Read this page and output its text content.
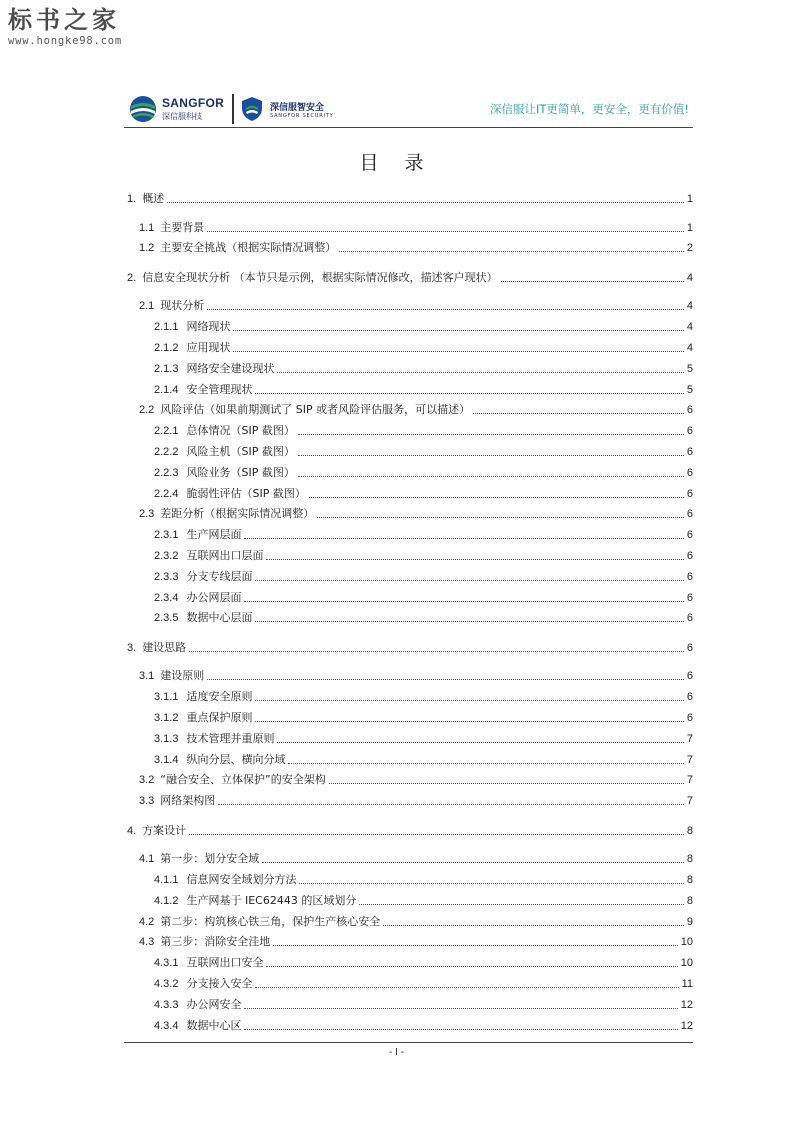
标书之家
www.hongke98.com
SANGFOR
深信服科技
深信服智安全
SANGFOR SECURITY	深信服让IT更简单，更安全，更有价值!
目 录
1. 概述	1
1.1 主要背景	1
1.2 主要安全挑战（根据实际情况调整）	2
2. 信息安全现状分析 （本节只是示例，根据实际情况修改，描述客户现状）	4
2.1 现状分析	4
2.1.1 网络现状	4
2.1.2 应用现状	4
2.1.3 网络安全建设现状	5
2.1.4 安全管理现状	5
2.2 风险评估（如果前期测试了 SIP 或者风险评估服务，可以描述）	6
2.2.1 总体情况（SIP 截图）	6
2.2.2 风险主机（SIP 截图）	6
2.2.3 风险业务（SIP 截图）	6
2.2.4 脆弱性评估（SIP 截图）	6
2.3 差距分析（根据实际情况调整）	6
2.3.1 生产网层面	6
2.3.2 互联网出口层面	6
2.3.3 分支专线层面	6
2.3.4 办公网层面	6
2.3.5 数据中心层面	6
3. 建设思路	6
3.1 建设原则	6
3.1.1 适度安全原则	6
3.1.2 重点保护原则	6
3.1.3 技术管理并重原则	7
3.1.4 纵向分层、横向分域	7
3.2 “融合安全、立体保护”的安全架构	7
3.3 网络架构图	7
4. 方案设计	8
4.1 第一步：划分安全域	8
4.1.1 信息网安全域划分方法	8
4.1.2 生产网基于 IEC62443 的区域划分	8
4.2 第二步：构筑核心铁三角，保护生产核心安全	9
4.3 第三步：消除安全洼地	10
4.3.1 互联网出口安全	10
4.3.2 分支接入安全	11
4.3.3 办公网安全	12
4.3.4 数据中心区	12
- I -
